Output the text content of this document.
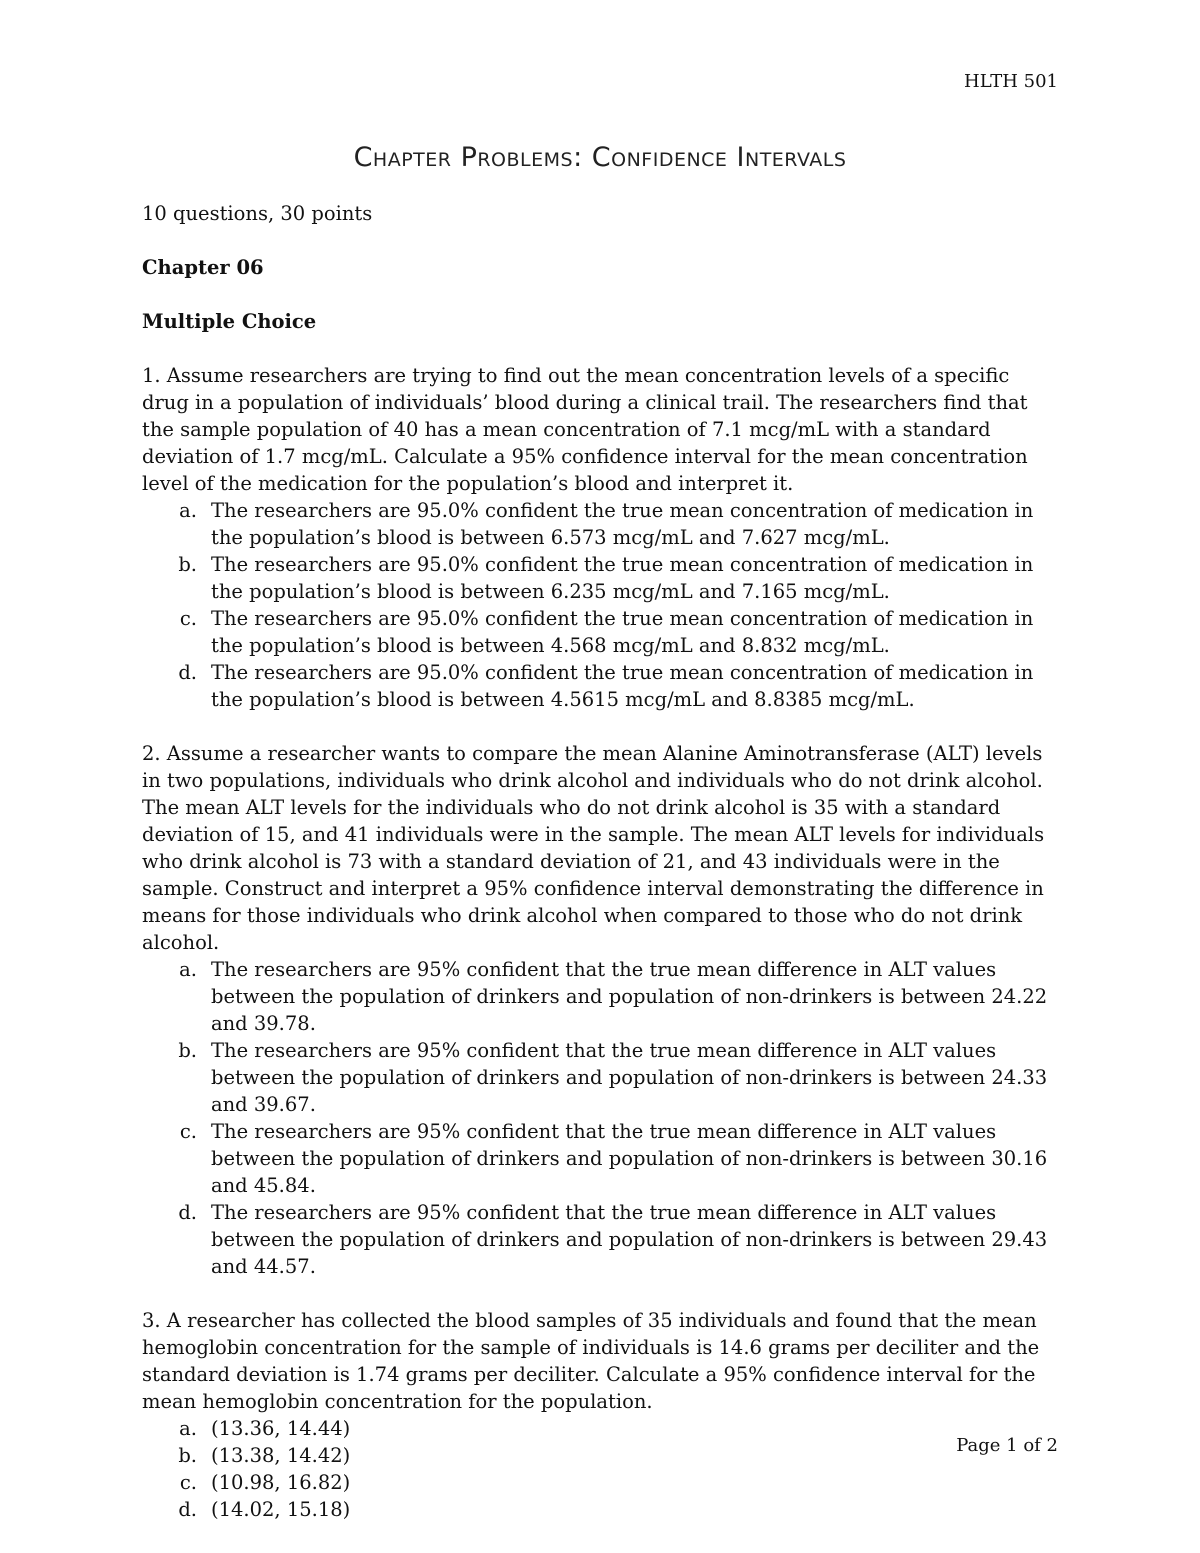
HLTH 501
Chapter Problems: Confidence Intervals

10 questions, 30 points

Chapter 06

Multiple Choice

1. Assume researchers are trying to find out the mean concentration levels of a specific drug in a population of individuals’ blood during a clinical trail. The researchers find that the sample population of 40 has a mean concentration of 7.1 mcg/mL with a standard deviation of 1.7 mcg/mL. Calculate a 95% confidence interval for the mean concentration level of the medication for the population’s blood and interpret it.

a. The researchers are 95.0% confident the true mean concentration of medication in the population’s blood is between 6.573 mcg/mL and 7.627 mcg/mL.
b. The researchers are 95.0% confident the true mean concentration of medication in the population’s blood is between 6.235 mcg/mL and 7.165 mcg/mL.
c. The researchers are 95.0% confident the true mean concentration of medication in the population’s blood is between 4.568 mcg/mL and 8.832 mcg/mL.
d. The researchers are 95.0% confident the true mean concentration of medication in the population’s blood is between 4.5615 mcg/mL and 8.8385 mcg/mL.

2. Assume a researcher wants to compare the mean Alanine Aminotransferase (ALT) levels in two populations, individuals who drink alcohol and individuals who do not drink alcohol. The mean ALT levels for the individuals who do not drink alcohol is 35 with a standard deviation of 15, and 41 individuals were in the sample. The mean ALT levels for individuals who drink alcohol is 73 with a standard deviation of 21, and 43 individuals were in the sample. Construct and interpret a 95% confidence interval demonstrating the difference in means for those individuals who drink alcohol when compared to those who do not drink alcohol.

a. The researchers are 95% confident that the true mean difference in ALT values between the population of drinkers and population of non-drinkers is between 24.22 and 39.78.
b. The researchers are 95% confident that the true mean difference in ALT values between the population of drinkers and population of non-drinkers is between 24.33 and 39.67.
c. The researchers are 95% confident that the true mean difference in ALT values between the population of drinkers and population of non-drinkers is between 30.16 and 45.84.
d. The researchers are 95% confident that the true mean difference in ALT values between the population of drinkers and population of non-drinkers is between 29.43 and 44.57.

3. A researcher has collected the blood samples of 35 individuals and found that the mean hemoglobin concentration for the sample of individuals is 14.6 grams per deciliter and the standard deviation is 1.74 grams per deciliter. Calculate a 95% confidence interval for the mean hemoglobin concentration for the population.

a. (13.36, 14.44)
b. (13.38, 14.42)
c. (10.98, 16.82)
d. (14.02, 15.18)
Page 1 of 2
